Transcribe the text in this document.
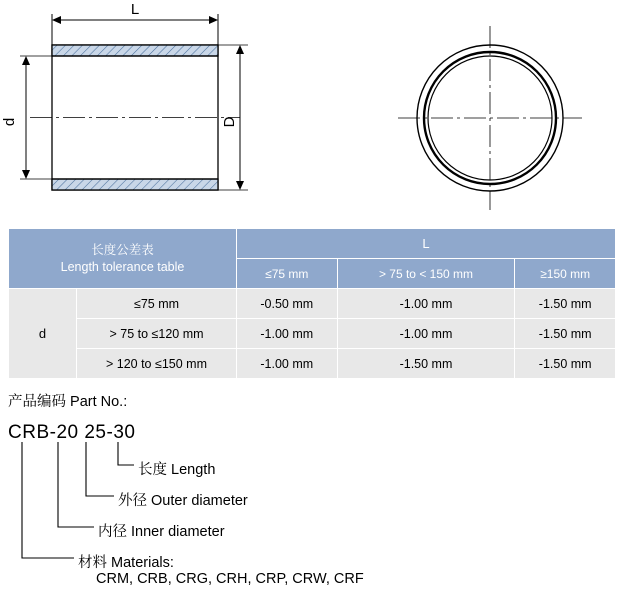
L
d	D
长度公差表
Length tolerance table		L		
		≤75 mm	> 75 to < 150 mm	≥150 mm
d	≤75 mm	-0.50 mm	-1.00 mm	-1.50 mm
	> 75 to ≤120 mm	-1.00 mm	-1.00 mm	-1.50 mm
	> 120 to ≤150 mm	-1.00 mm	-1.50 mm	-1.50 mm
产品编码 Part No.:
CRB-20 25-30
长度 Length
外径 Outer diameter
内径 Inner diameter
材料 Materials:
CRM, CRB, CRG, CRH, CRP, CRW, CRF
